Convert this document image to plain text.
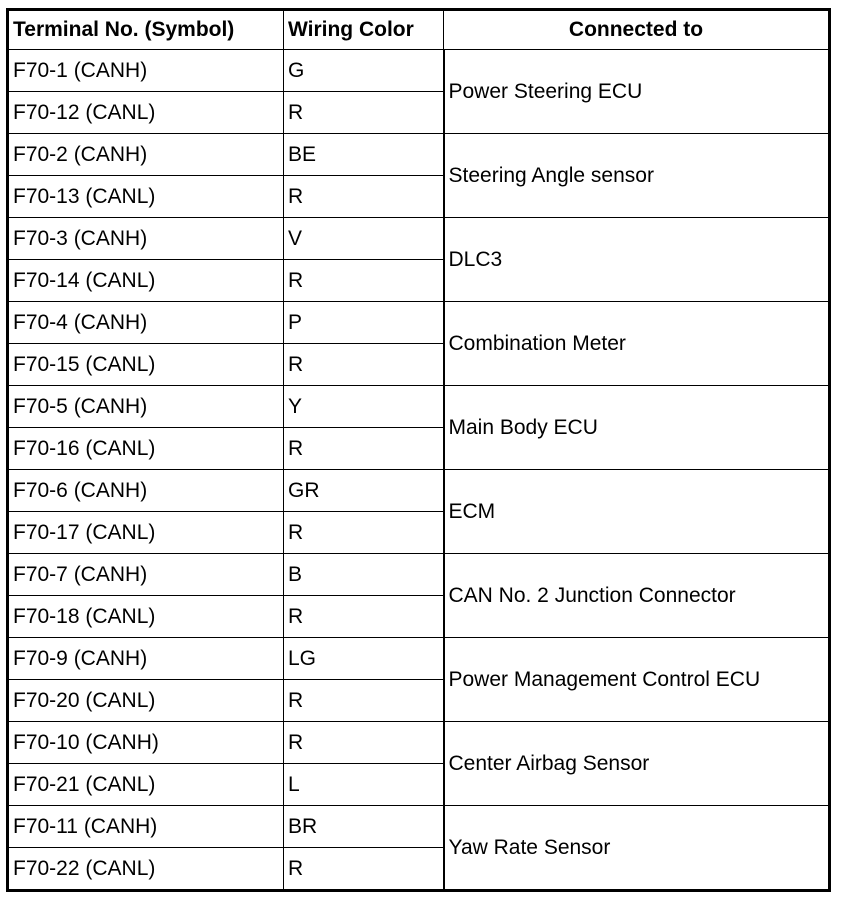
Terminal No. (Symbol)	Wiring Color	Connected to
F70-1 (CANH)	G	Power Steering ECU
F70-12 (CANL)	R	
F70-2 (CANH)	BE	Steering Angle sensor
F70-13 (CANL)	R	
F70-3 (CANH)	V	DLC3
F70-14 (CANL)	R	
F70-4 (CANH)	P	Combination Meter
F70-15 (CANL)	R	
F70-5 (CANH)	Y	Main Body ECU
F70-16 (CANL)	R	
F70-6 (CANH)	GR	ECM
F70-17 (CANL)	R	
F70-7 (CANH)	B	CAN No. 2 Junction Connector
F70-18 (CANL)	R	
F70-9 (CANH)	LG	Power Management Control ECU
F70-20 (CANL)	R	
F70-10 (CANH)	R	Center Airbag Sensor
F70-21 (CANL)	L	
F70-11 (CANH)	BR	Yaw Rate Sensor
F70-22 (CANL)	R	
